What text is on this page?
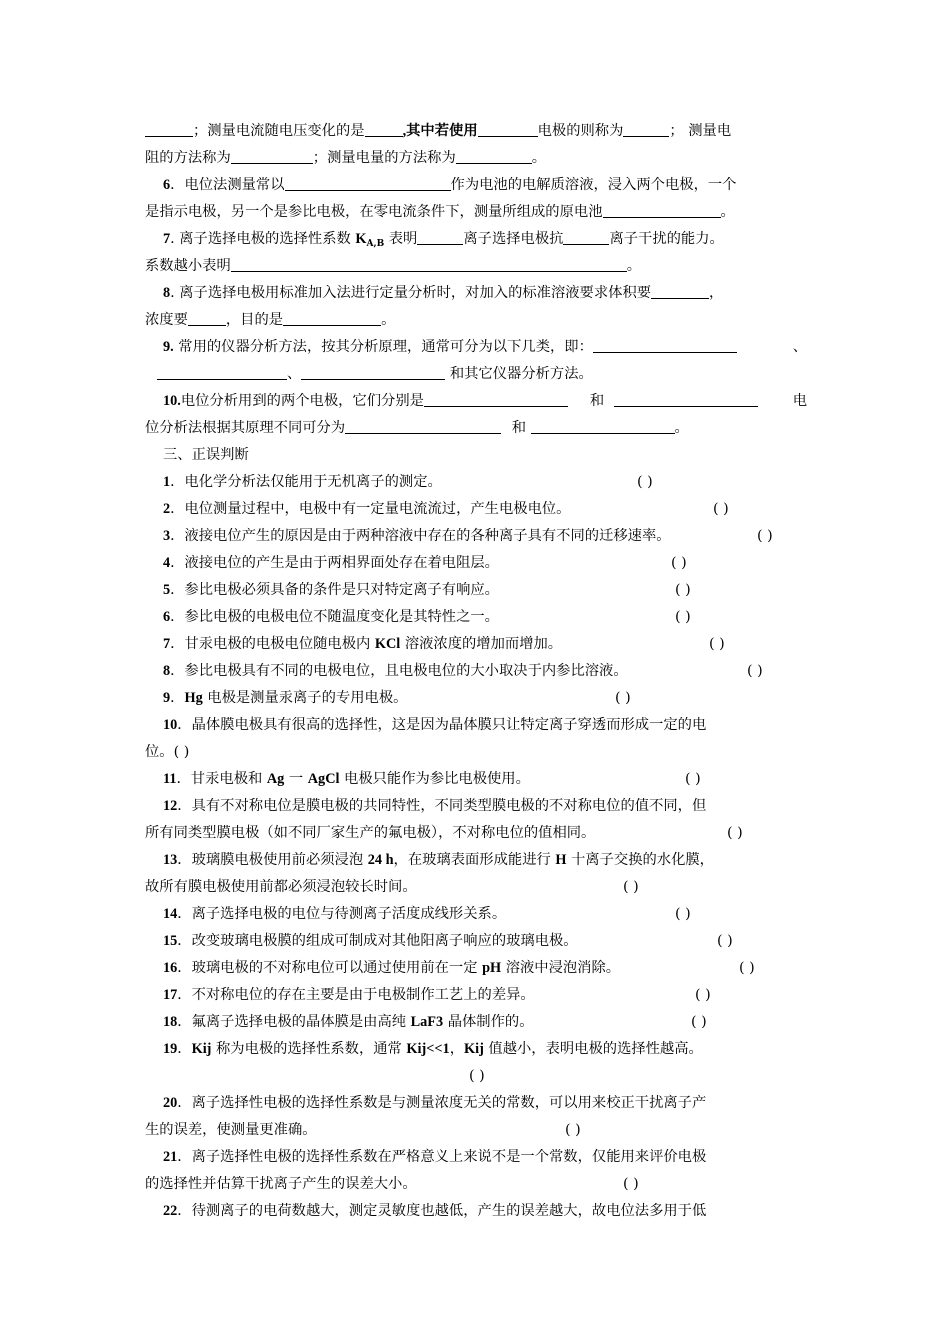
；测量电流随电压变化的是	,其中若使用	电极的则称为	； 测量电
阻的方法称为	；测量电量的方法称为	。
6．电位法测量常以	作为电池的电解质溶液，浸入两个电极，一个
是指示电极，另一个是参比电极，在零电流条件下，测量所组成的原电池	。
7. 离子选择电极的选择性系数 $K_{A,B}$ 表明	离子选择电极抗	离子干扰的能力。
系数越小表明	。
8. 离子选择电极用标准加入法进行定量分析时，对加入的标准溶液要求体积要	，
浓度要	，目的是	。
9. 常用的仪器分析方法，按其分析原理，通常可分为以下几类，即：	、
、	和其它仪器分析方法。
10.电位分析用到的两个电极，它们分别是	和	电
位分析法根据其原理不同可分为	和	。
三、正误判断
1．电化学分析法仅能用于无机离子的测定。	( )
2．电位测量过程中，电极中有一定量电流流过，产生电极电位。	( )
3．液接电位产生的原因是由于两种溶液中存在的各种离子具有不同的迁移速率。	( )
4．液接电位的产生是由于两相界面处存在着电阻层。	( )
5．参比电极必须具备的条件是只对特定离子有响应。	( )
6．参比电极的电极电位不随温度变化是其特性之一。	( )
7．甘汞电极的电极电位随电极内 KCl 溶液浓度的增加而增加。	( )
8．参比电极具有不同的电极电位，且电极电位的大小取决于内参比溶液。	( )
9．Hg 电极是测量汞离子的专用电极。	( )
10．晶体膜电极具有很高的选择性，这是因为晶体膜只让特定离子穿透而形成一定的电
位。( )
11．甘汞电极和 Ag 一 AgCl 电极只能作为参比电极使用。	( )
12．具有不对称电位是膜电极的共同特性，不同类型膜电极的不对称电位的值不同，但
所有同类型膜电极（如不同厂家生产的氟电极），不对称电位的值相同。	( )
13．玻璃膜电极使用前必须浸泡 24 h，在玻璃表面形成能进行 H 十离子交换的水化膜，
故所有膜电极使用前都必须浸泡较长时间。	( )
14．离子选择电极的电位与待测离子活度成线形关系。	( )
15．改变玻璃电极膜的组成可制成对其他阳离子响应的玻璃电极。	( )
16．玻璃电极的不对称电位可以通过使用前在一定 pH 溶液中浸泡消除。	( )
17．不对称电位的存在主要是由于电极制作工艺上的差异。	( )
18．氟离子选择电极的晶体膜是由高纯 LaF3 晶体制作的。	( )
19．Kij 称为电极的选择性系数，通常 Kij<<1，Kij 值越小，表明电极的选择性越高。
( )
20．离子选择性电极的选择性系数是与测量浓度无关的常数，可以用来校正干扰离子产
生的误差，使测量更准确。	( )
21．离子选择性电极的选择性系数在严格意义上来说不是一个常数，仅能用来评价电极
的选择性并估算干扰离子产生的误差大小。	( )
22．待测离子的电荷数越大，测定灵敏度也越低，产生的误差越大，故电位法多用于低
